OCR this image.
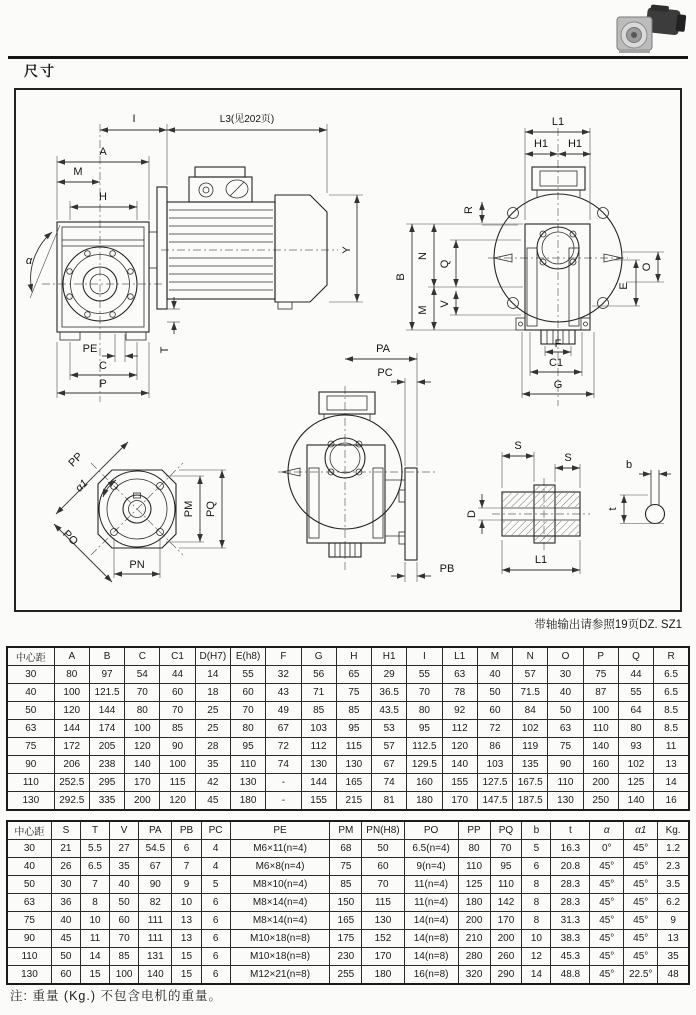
尺寸
I	L3(见202页)
A
M
H
α
Y
PE	T
C
P
L1
H1 H1
R
B
N
M
Q
V
O
E
F
C1
G
PP
α1
PO
PN
PM PQ
PA
PC
PB
S
S
D
L1
b
t
带轴输出请参照19页DZ. SZ1
中心距	A	B	C	C1	D(H7)	E(h8)	F	G	H	H1	I	L1	M	N	O	P	Q	R
30	80	97	54	44	14	55	32	56	65	29	55	63	40	57	30	75	44	6.5
40	100	121.5	70	60	18	60	43	71	75	36.5	70	78	50	71.5	40	87	55	6.5
50	120	144	80	70	25	70	49	85	85	43.5	80	92	60	84	50	100	64	8.5
63	144	174	100	85	25	80	67	103	95	53	95	112	72	102	63	110	80	8.5
75	172	205	120	90	28	95	72	112	115	57	112.5	120	86	119	75	140	93	11
90	206	238	140	100	35	110	74	130	130	67	129.5	140	103	135	90	160	102	13
110	252.5	295	170	115	42	130	-	144	165	74	160	155	127.5	167.5	110	200	125	14
130	292.5	335	200	120	45	180	-	155	215	81	180	170	147.5	187.5	130	250	140	16
中心距	S	T	V	PA	PB	PC	PE	PM	PN(H8)	PO	PP	PQ	b	t	α	α1	Kg.
30	21	5.5	27	54.5	6	4	M6×11(n=4)	68	50	6.5(n=4)	80	70	5	16.3	0°	45°	1.2
40	26	6.5	35	67	7	4	M6×8(n=4)	75	60	9(n=4)	110	95	6	20.8	45°	45°	2.3
50	30	7	40	90	9	5	M8×10(n=4)	85	70	11(n=4)	125	110	8	28.3	45°	45°	3.5
63	36	8	50	82	10	6	M8×14(n=4)	150	115	11(n=4)	180	142	8	28.3	45°	45°	6.2
75	40	10	60	111	13	6	M8×14(n=4)	165	130	14(n=4)	200	170	8	31.3	45°	45°	9
90	45	11	70	111	13	6	M10×18(n=8)	175	152	14(n=8)	210	200	10	38.3	45°	45°	13
110	50	14	85	131	15	6	M10×18(n=8)	230	170	14(n=8)	280	260	12	45.3	45°	45°	35
130	60	15	100	140	15	6	M12×21(n=8)	255	180	16(n=8)	320	290	14	48.8	45°	22.5°	48
注: 重量 (Kg.) 不包含电机的重量。
